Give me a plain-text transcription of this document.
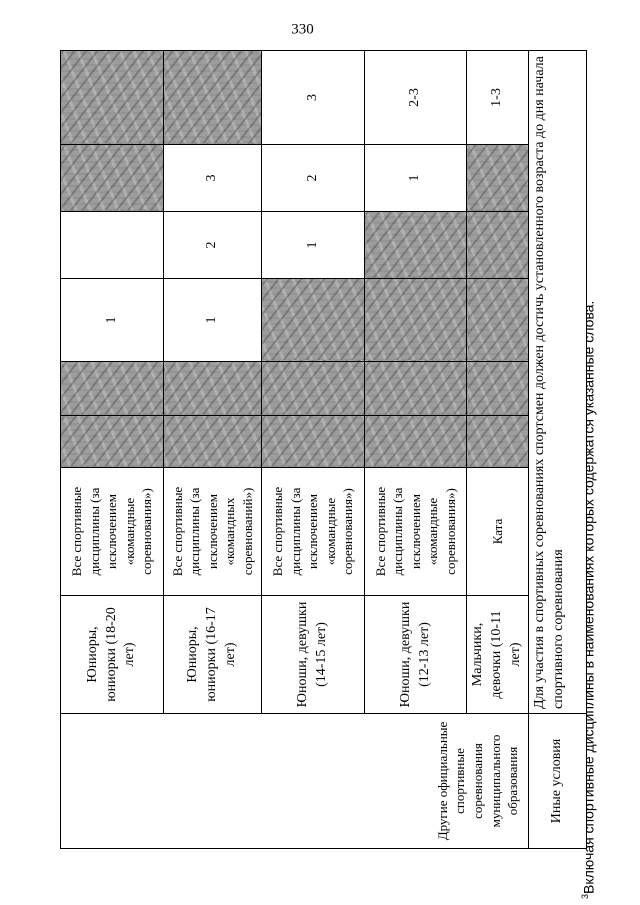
330
Другие официальные спортивные соревнования муниципального образования	Юниоры, юниорки (18-20 лет)	Все спортивные дисциплины (за исключением «командные соревнования»)			1			
	Юниоры, юниорки (16-17 лет)	Все спортивные дисциплины (за исключением «командных соревнований»)			1	2	3	
	Юноши, девушки (14-15 лет)	Все спортивные дисциплины (за исключением «командные соревнования»)				1	2	3
	Юноши, девушки (12-13 лет)	Все спортивные дисциплины (за исключением «командные соревнования»)					1	2-3
	Мальчики, девочки (10-11 лет)	Ката						1-3
Иные условия	Для участия в спортивных соревнованиях спортсмен должен достичь установленного возраста до дня начала спортивного соревнования							
$^3$Включая спортивные дисциплины в наименованиях которых содержатся указанные слова.
